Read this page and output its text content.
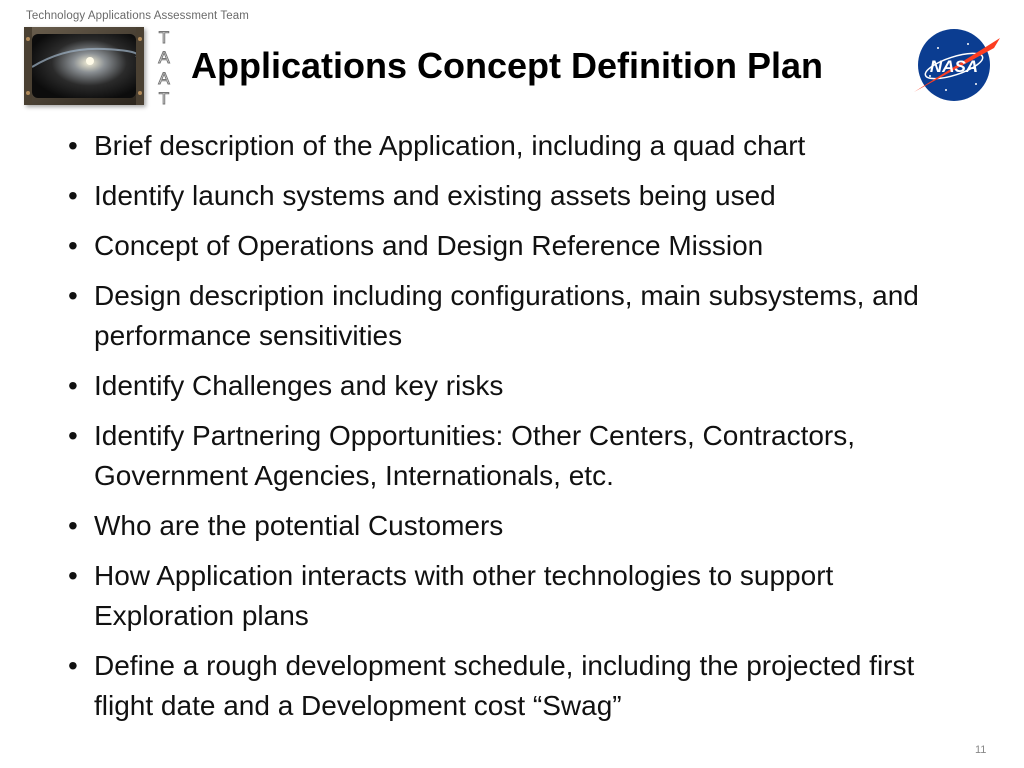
Technology Applications Assessment Team
T
A
A
T
Applications Concept Definition Plan	NASA
• Brief description of the Application, including a quad chart
• Identify launch systems and existing assets being used
• Concept of Operations and Design Reference Mission
• Design description including configurations, main subsystems, and performance sensitivities
• Identify Challenges and key risks
• Identify Partnering Opportunities: Other Centers, Contractors, Government Agencies, Internationals, etc.
• Who are the potential Customers
• How Application interacts with other technologies to support Exploration plans
• Define a rough development schedule, including the projected first flight date and a Development cost “Swag”
11
